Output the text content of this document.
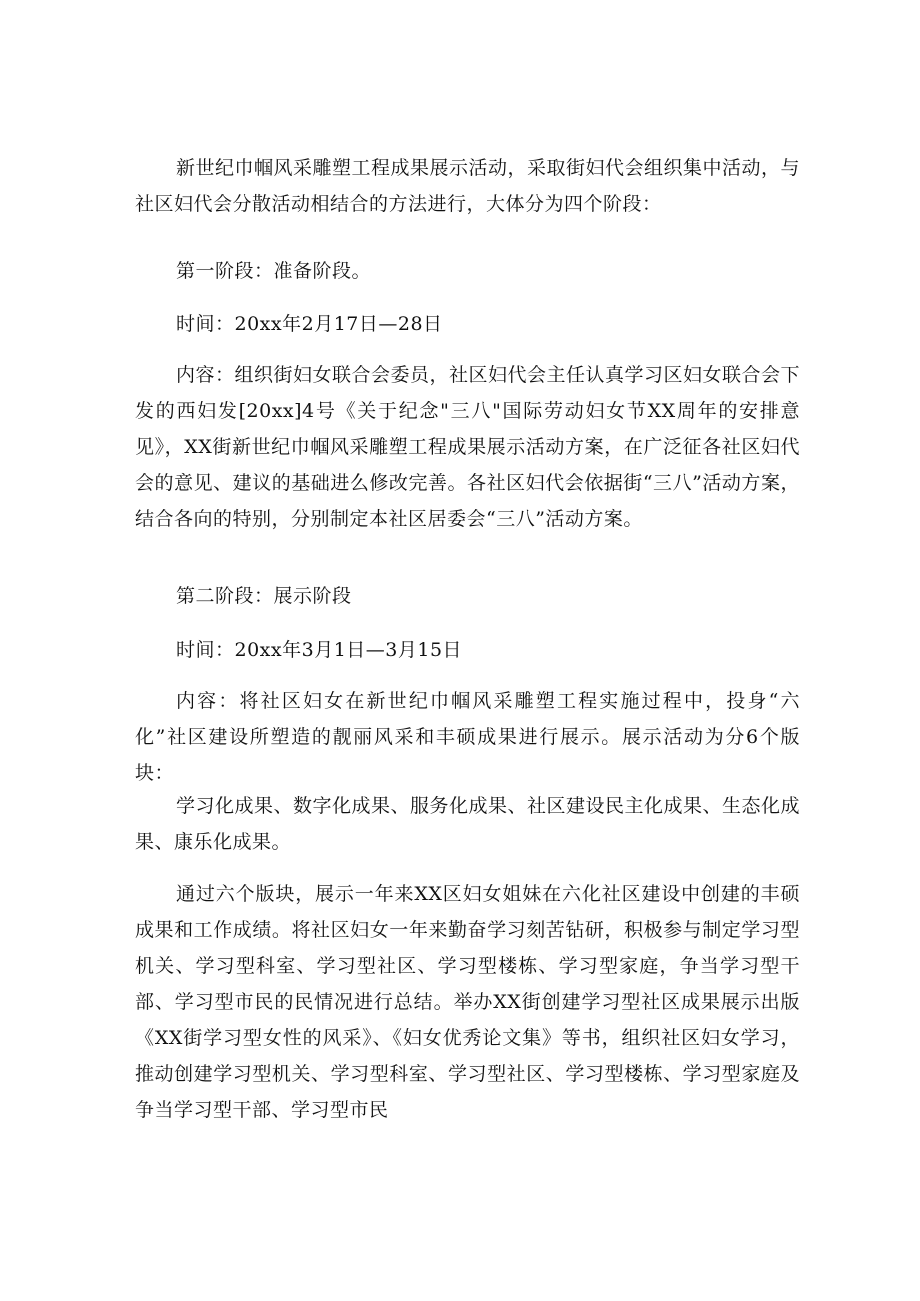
新世纪巾帼风采雕塑工程成果展示活动，采取街妇代会组织集中活动，与社区妇代会分散活动相结合的方法进行，大体分为四个阶段：

第一阶段：准备阶段。

时间：20xx年2月17日—28日

内容：组织街妇女联合会委员，社区妇代会主任认真学习区妇女联合会下发的西妇发[20xx]4号《关于纪念"三八"国际劳动妇女节XX周年的安排意见》，XX街新世纪巾帼风采雕塑工程成果展示活动方案，在广泛征各社区妇代会的意见、建议的基础进么修改完善。各社区妇代会依据街“三八”活动方案，结合各向的特别，分别制定本社区居委会“三八”活动方案。

第二阶段：展示阶段

时间：20xx年3月1日—3月15日

内容：将社区妇女在新世纪巾帼风采雕塑工程实施过程中，投身“六化”社区建设所塑造的靓丽风采和丰硕成果进行展示。展示活动为分6个版块：

学习化成果、数字化成果、服务化成果、社区建设民主化成果、生态化成果、康乐化成果。

通过六个版块，展示一年来XX区妇女姐妹在六化社区建设中创建的丰硕成果和工作成绩。将社区妇女一年来勤奋学习刻苦钻研，积极参与制定学习型机关、学习型科室、学习型社区、学习型楼栋、学习型家庭，争当学习型干部、学习型市民的民情况进行总结。举办XX街创建学习型社区成果展示出版《XX街学习型女性的风采》、《妇女优秀论文集》等书，组织社区妇女学习，推动创建学习型机关、学习型科室、学习型社区、学习型楼栋、学习型家庭及争当学习型干部、学习型市民
